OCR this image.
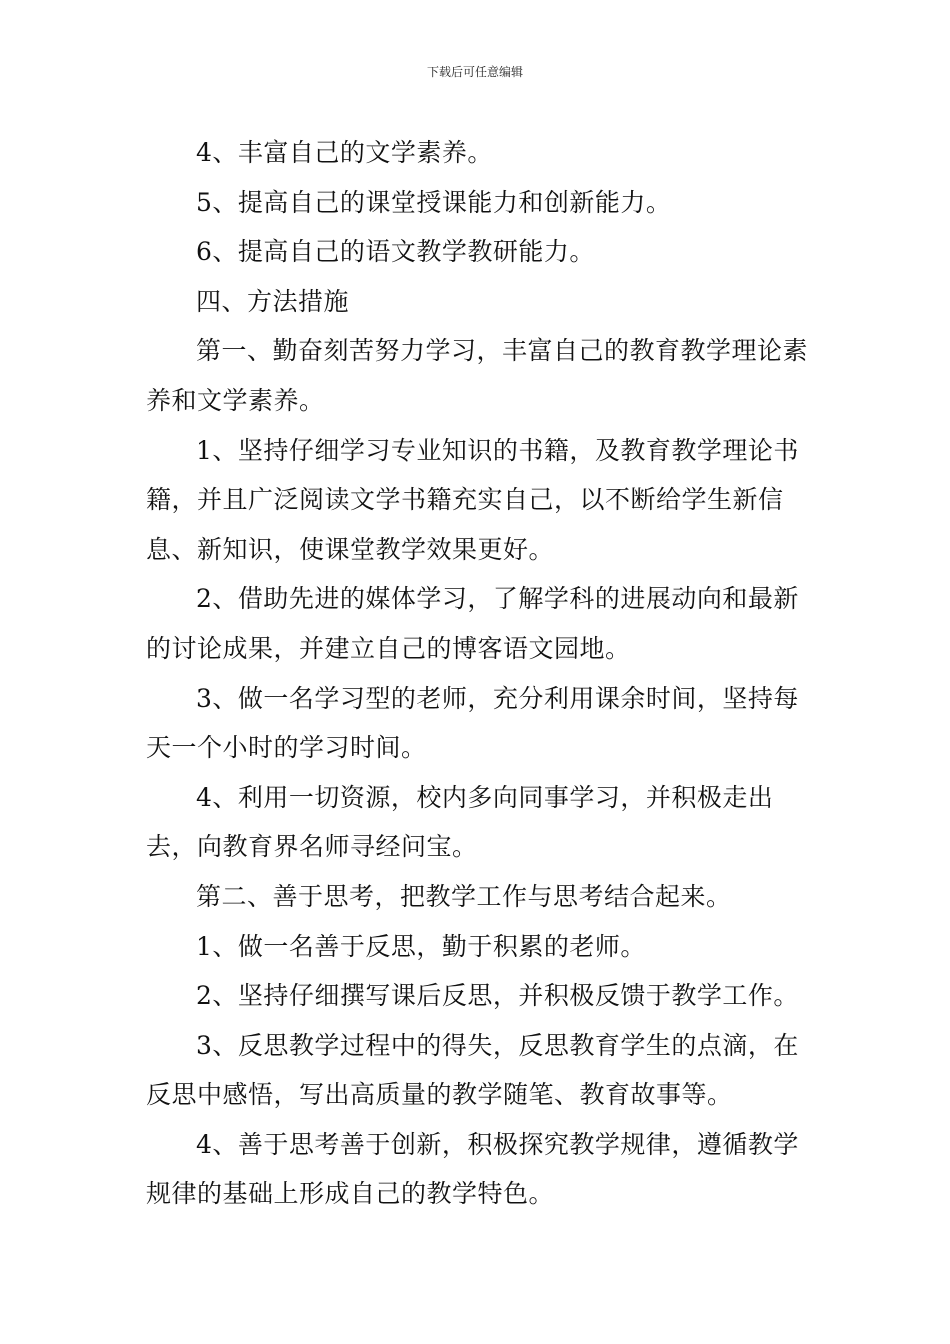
下载后可任意编辑

4、丰富自己的文学素养。

5、提高自己的课堂授课能力和创新能力。

6、提高自己的语文教学教研能力。

四、方法措施

第一、勤奋刻苦努力学习，丰富自己的教育教学理论素养和文学素养。

1、坚持仔细学习专业知识的书籍，及教育教学理论书籍，并且广泛阅读文学书籍充实自己，以不断给学生新信息、新知识，使课堂教学效果更好。

2、借助先进的媒体学习，了解学科的进展动向和最新的讨论成果，并建立自己的博客语文园地。

3、做一名学习型的老师，充分利用课余时间，坚持每天一个小时的学习时间。

4、利用一切资源，校内多向同事学习，并积极走出去，向教育界名师寻经问宝。

第二、善于思考，把教学工作与思考结合起来。

1、做一名善于反思，勤于积累的老师。

2、坚持仔细撰写课后反思，并积极反馈于教学工作。

3、反思教学过程中的得失，反思教育学生的点滴，在反思中感悟，写出高质量的教学随笔、教育故事等。

4、善于思考善于创新，积极探究教学规律，遵循教学规律的基础上形成自己的教学特色。
